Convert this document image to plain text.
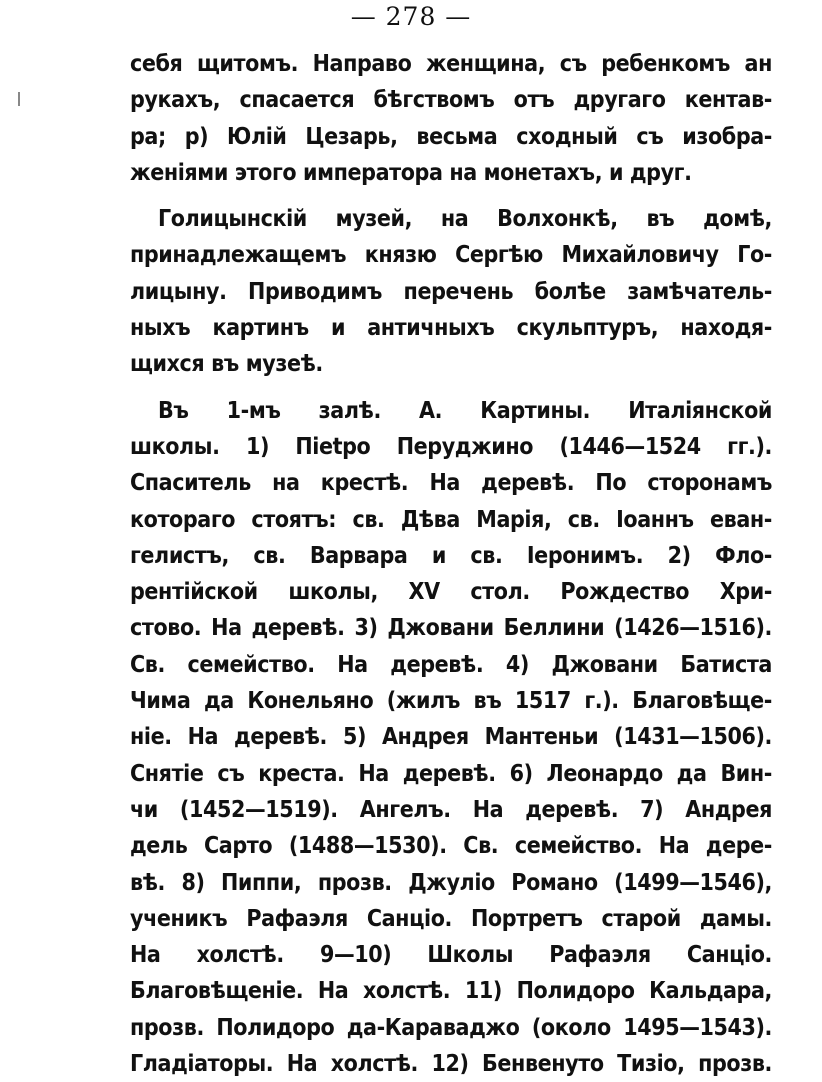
— 278 —
себя щитомъ. Направо женщина, съ ребенкомъ ан
рукахъ, спасается бѣгствомъ отъ другаго кентав-
ра; р) Юлій Цезарь, весьма сходный съ изобра-
женіями этого императора на монетахъ, и друг.
Голицынскій музей, на Волхонкѣ, въ домѣ,
принадлежащемъ князю Сергѣю Михайловичу Го-
лицыну. Приводимъ перечень болѣе замѣчатель-
ныхъ картинъ и античныхъ скульптуръ, находя-
щихся въ музеѣ.
Въ 1-мъ залѣ. А. Картины. Италіянской
школы. 1) Пietро Перуджино (1446—1524 гг.).
Спаситель на крестѣ. На деревѣ. По сторонамъ
котораго стоятъ: св. Дѣва Марія, св. Іоаннъ еван-
гелистъ, св. Варвара и св. Іеронимъ. 2) Фло-
рентійской школы, XV стол. Рождество Хри-
стово. На деревѣ. 3) Джовани Беллини (1426—1516).
Св. семейство. На деревѣ. 4) Джовани Батиста
Чима да Конельяно (жилъ въ 1517 г.). Благовѣще-
ніе. На деревѣ. 5) Андрея Мантеньи (1431—1506).
Снятіе съ креста. На деревѣ. 6) Леонардо да Вин-
чи (1452—1519). Ангелъ. На деревѣ. 7) Андрея
дель Сарто (1488—1530). Св. семейство. На дере-
вѣ. 8) Пиппи, прозв. Джуліо Романо (1499—1546),
ученикъ Рафаэля Санціо. Портретъ старой дамы.
На холстѣ. 9—10) Школы Рафаэля Санціо.
Благовѣщеніе. На холстѣ. 11) Полидоро Кальдара,
прозв. Полидоро да-Караваджо (около 1495—1543).
Гладіаторы. На холстѣ. 12) Бенвенуто Тизіо, прозв.
